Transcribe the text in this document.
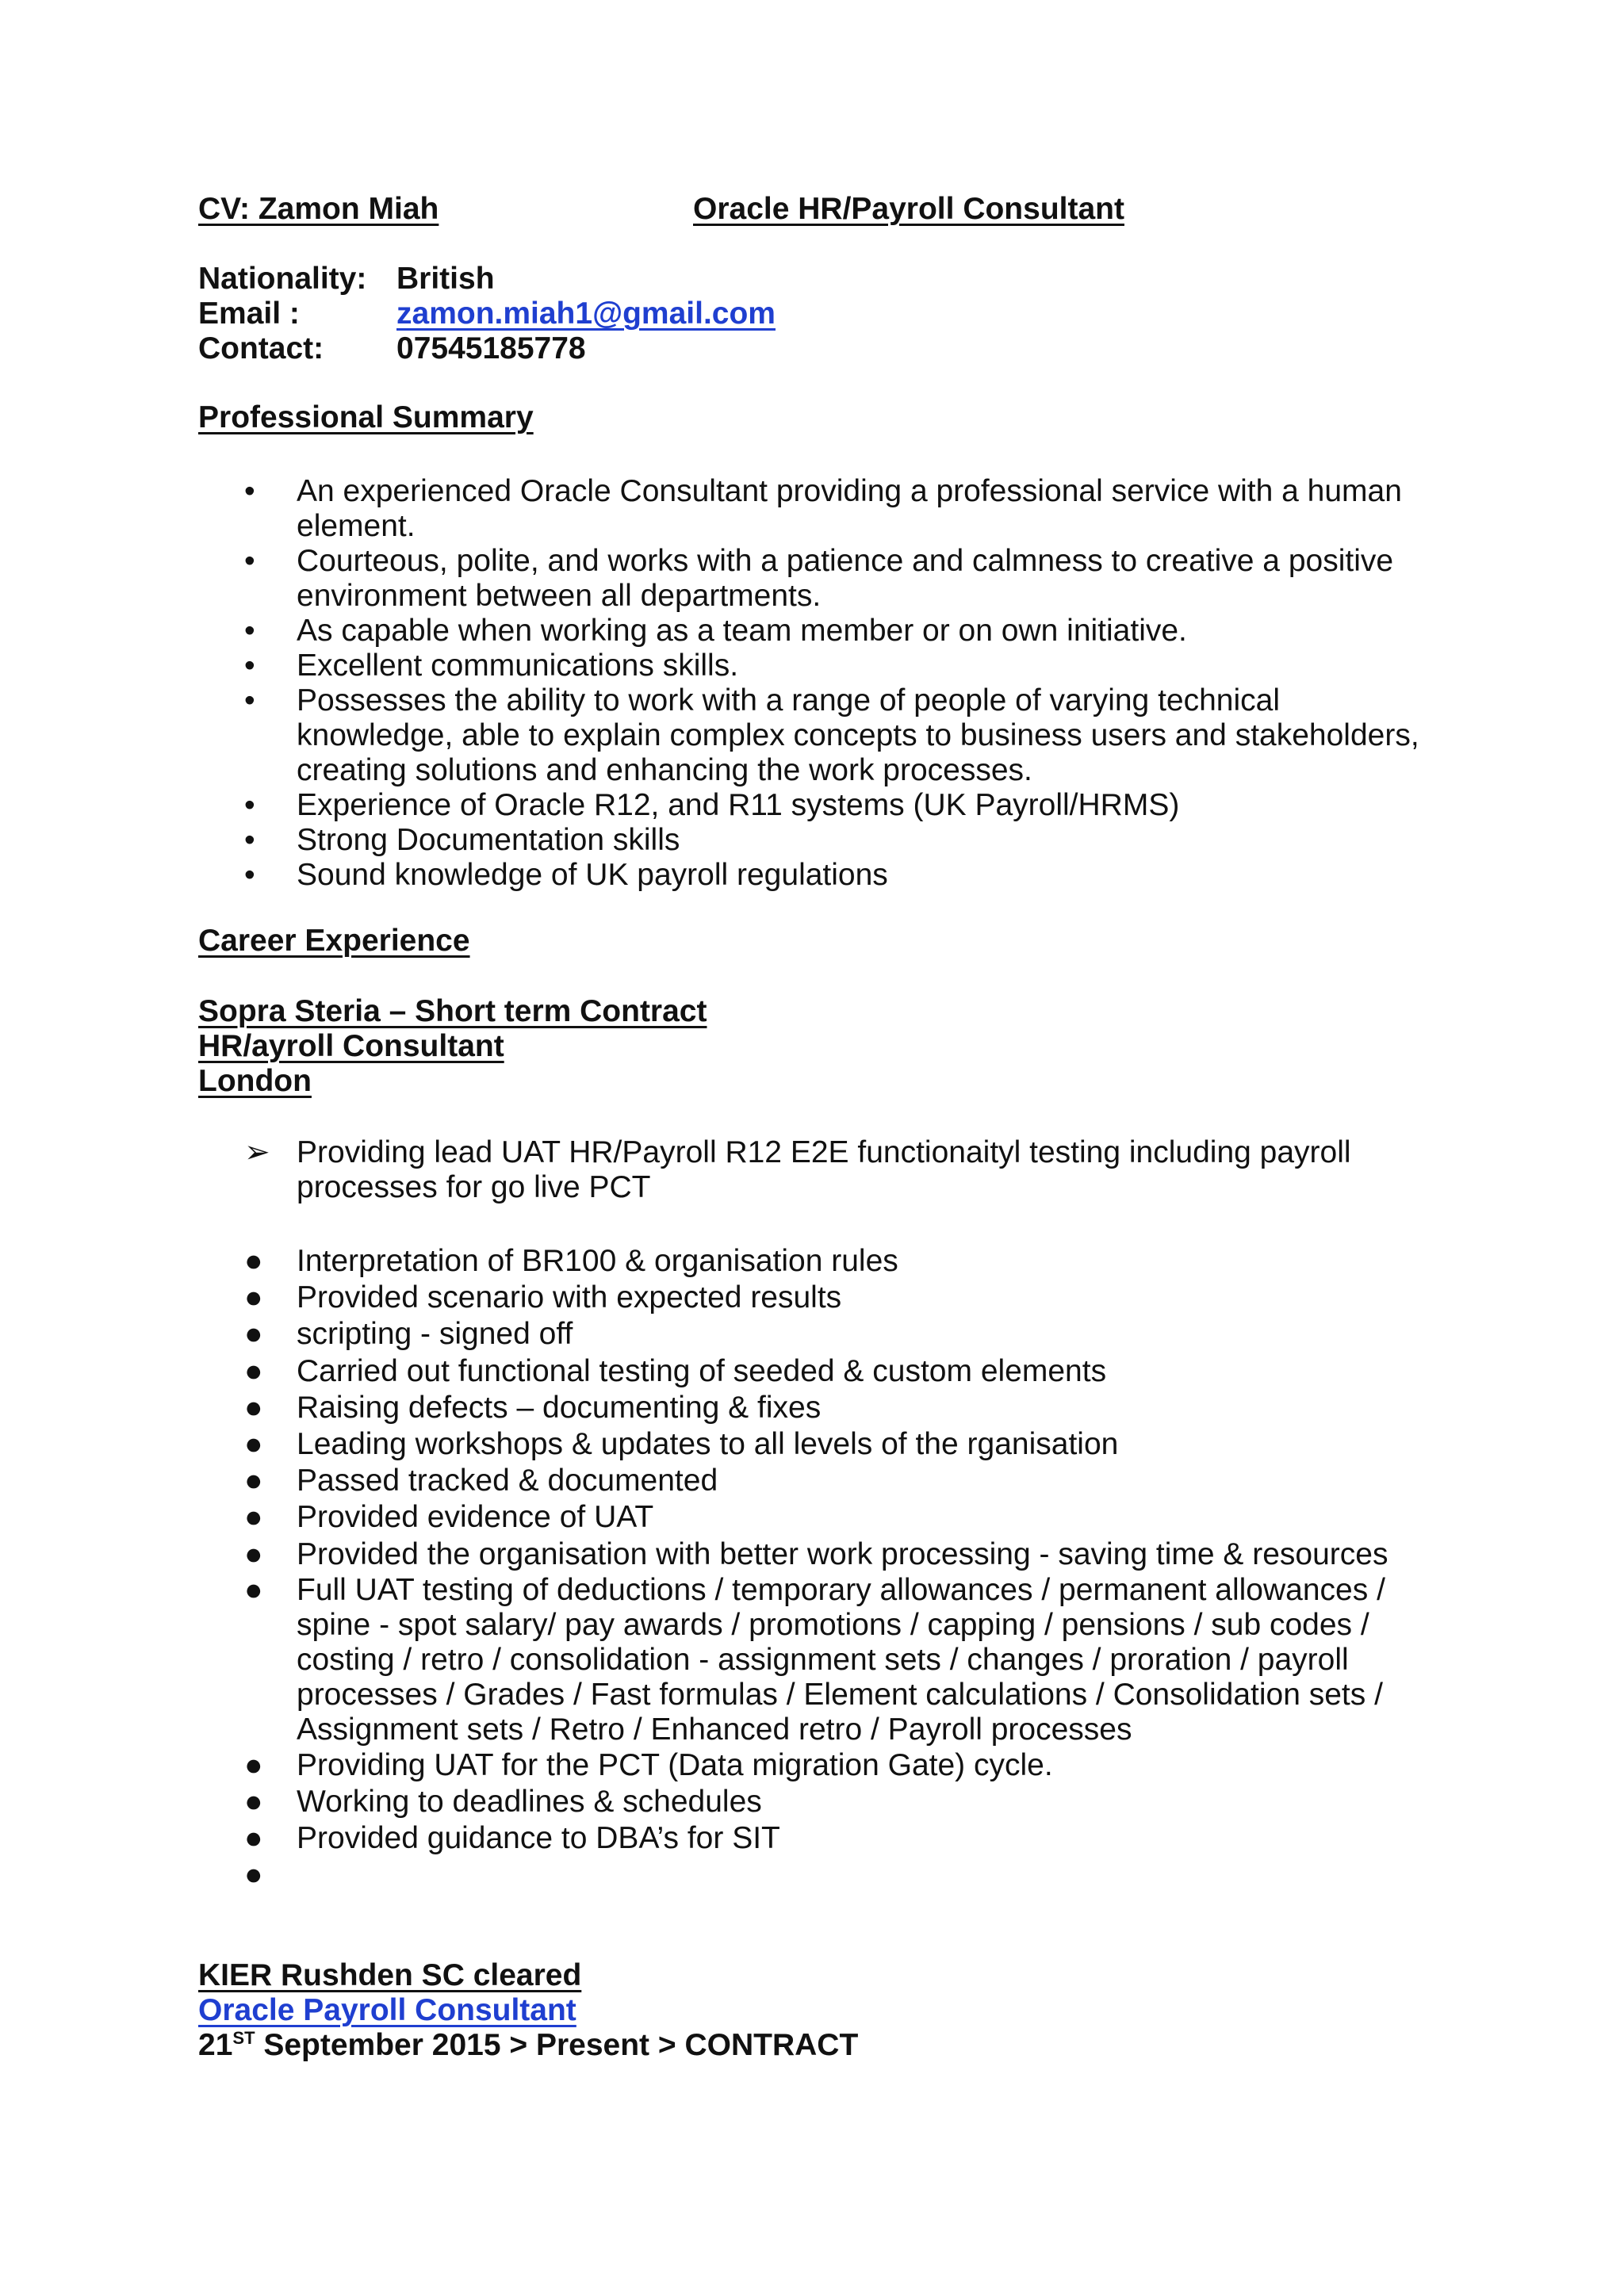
CV: Zamon Miah	Oracle HR/Payroll Consultant
Nationality: British
Email :	zamon.miah1@gmail.com
Contact:	07545185778
Professional Summary
•	An experienced Oracle Consultant providing a professional service with a human element.
•	Courteous, polite, and works with a patience and calmness to creative a positive environment between all departments.
•	As capable when working as a team member or on own initiative.
•	Excellent communications skills.
•	Possesses the ability to work with a range of people of varying technical knowledge, able to explain complex concepts to business users and stakeholders, creating solutions and enhancing the work processes.
•	Experience of Oracle R12, and R11 systems (UK Payroll/HRMS)
•	Strong Documentation skills
•	Sound knowledge of UK payroll regulations
Career Experience
Sopra Steria – Short term Contract
HR/ayroll Consultant
London
➢ Providing lead UAT HR/Payroll R12 E2E functionaityl testing including payroll processes for go live PCT
●	Interpretation of BR100 & organisation rules
●	Provided scenario with expected results
●	scripting - signed off
●	Carried out functional testing of seeded & custom elements
●	Raising defects – documenting & fixes
●	Leading workshops & updates to all levels of the rganisation
●	Passed tracked & documented
●	Provided evidence of UAT
●	Provided the organisation with better work processing - saving time & resources
●	Full UAT testing of deductions / temporary allowances / permanent allowances / spine - spot salary/ pay awards / promotions / capping / pensions / sub codes / costing / retro / consolidation - assignment sets / changes / proration / payroll processes / Grades / Fast formulas / Element calculations / Consolidation sets / Assignment sets / Retro / Enhanced retro / Payroll processes
●	Providing UAT for the PCT (Data migration Gate) cycle.
●	Working to deadlines & schedules
●	Provided guidance to DBA’s for SIT
●
KIER Rushden SC cleared
Oracle Payroll Consultant
21ST September 2015 > Present > CONTRACT
